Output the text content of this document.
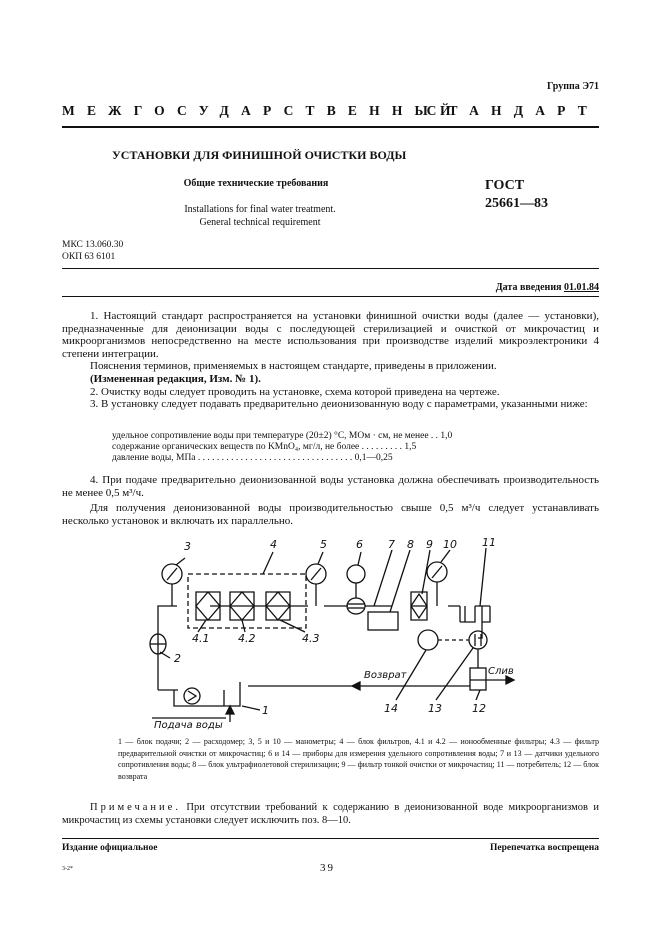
Группа Э71
МЕЖГОСУДАРСТВЕННЫЙ
СТАНДАРТ
УСТАНОВКИ ДЛЯ ФИНИШНОЙ ОЧИСТКИ ВОДЫ
Общие технические требования
Installations for final water treatment.
General technical requirement
ГОСТ
25661—83
МКС 13.060.30
ОКП 63 6101
Дата введения 01.01.84

1. Настоящий стандарт распространяется на установки финишной очистки воды (далее — установки), предназначенные для деионизации воды с последующей стерилизацией и очисткой от микрочастиц и микроорганизмов непосредственно на месте использования при производстве изделий микроэлектроники 4 степени интеграции.

Пояснения терминов, применяемых в настоящем стандарте, приведены в приложении.

(Измененная редакция, Изм. № 1).

2. Очистку воды следует проводить на установке, схема которой приведена на чертеже.

3. В установку следует подавать предварительно деионизованную воду с параметрами, указанными ниже:

удельное сопротивление воды при температуре (20±2) °С, МОм · см, не менее . . 1,0
содержание органических веществ по KMnO₄, мг/л, не более . . . . . . . . . 1,5
давление воды, МПа . . . . . . . . . . . . . . . . . . . . . . . . . . . . . . . . . 0,1—0,25

4. При подаче предварительно деионизованной воды установка должна обеспечивать производительность не менее 0,5 м³/ч.

Для получения деионизованной воды производительностью свыше 0,5 м³/ч следует устанавливать несколько установок и включать их параллельно.

3	4	5	6 7 8 9 10 11
2
4.1	4.2	4.3
1	14	13	12
Возврат	Слив
Подача воды
1 — блок подачи; 2 — расходомер; 3, 5 и 10 — манометры; 4 — блок фильтров, 4.1 и 4.2 — ионообменные фильтры; 4.3 — фильтр предварительной очистки от микрочастиц; 6 и 14 — приборы для измерения удельного сопротивления воды; 7 и 13 — датчики удельного сопротивления воды; 8 — блок ультрафиолетовой стерилизации; 9 — фильтр тонкой очистки от микрочастиц; 11 — потребитель; 12 — блок возврата
Примечание. При отсутствии требований к содержанию в деионизованной воде микроорганизмов и микрочастиц из схемы установки следует исключить поз. 8—10.
Издание официальное	Перепечатка воспрещена
3-2*	39
